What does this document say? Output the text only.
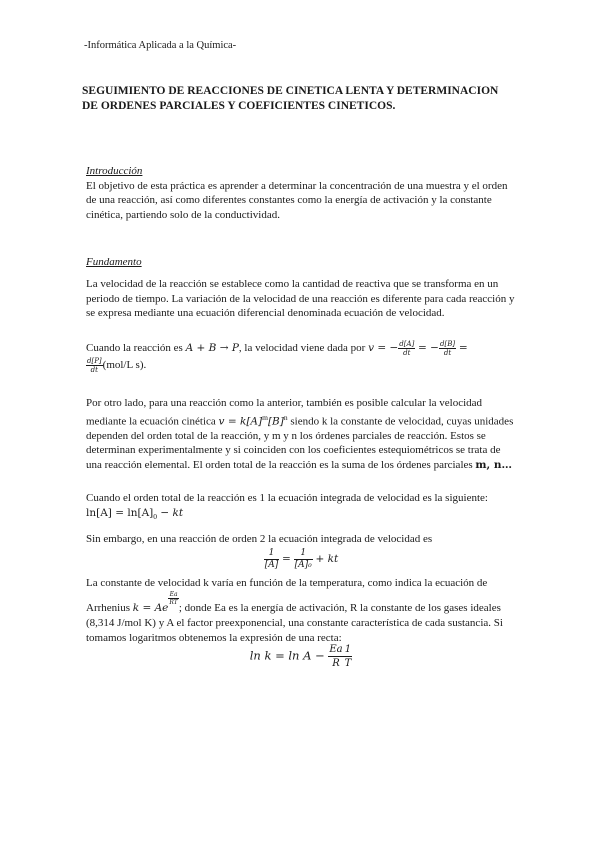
-Informática Aplicada a la Química-
SEGUIMIENTO DE REACCIONES DE CINETICA LENTA Y DETERMINACION DE ORDENES PARCIALES Y COEFICIENTES CINETICOS.
Introducción
El objetivo de esta práctica es aprender a determinar la concentración de una muestra y el orden de una reacción, así como diferentes constantes como la energía de activación y la constante cinética, partiendo solo de la conductividad.
Fundamento
La velocidad de la reacción se establece como la cantidad de reactiva que se transforma en un periodo de tiempo. La variación de la velocidad de una reacción es diferente para cada reacción y se expresa mediante una ecuación diferencial denominada ecuación de velocidad.
Cuando la reacción es A + B → P, la velocidad viene dada por v = − $\frac{d[A]}{dt}$ = − $\frac{d[B]}{dt}$ =

$\frac{d[P]}{dt} (mol/L$ s).
Por otro lado, para una reacción como la anterior, también es posible calcular la velocidad mediante la ecuación cinética $v = k[A]^m[B]^n$ siendo k la constante de velocidad, cuyas unidades dependen del orden total de la reacción, y m y n los órdenes parciales de reacción. Estos se determinan experimentalmente y si coinciden con los coeficientes estequiométricos se trata de una reacción elemental. El orden total de la reacción es la suma de los órdenes parciales m, n…
Cuando el orden total de la reacción es 1 la ecuación integrada de velocidad es la siguiente: $\ln[A] = \ln[A]_0$ − kt
Sin embargo, en una reacción de orden 2 la ecuación integrada de velocidad es
$\frac{1}{[A]} = \frac{1}{\text{[A]₀}}$ + kt
La constante de velocidad k varía en función de la temperatura, como indica la ecuación de Arrhenius k = Ae
$\frac{Ea}{RT}$
; donde Ea es la energía de activación, R la constante de los gases ideales (8,314 J/mol K) y A el factor preexponencial, una constante característica de cada sustancia. Si tomamos logaritmos obtenemos la expresión de una recta:
$\ln k = \ln A - \frac{Ea}{R} \frac{1}{T}$
